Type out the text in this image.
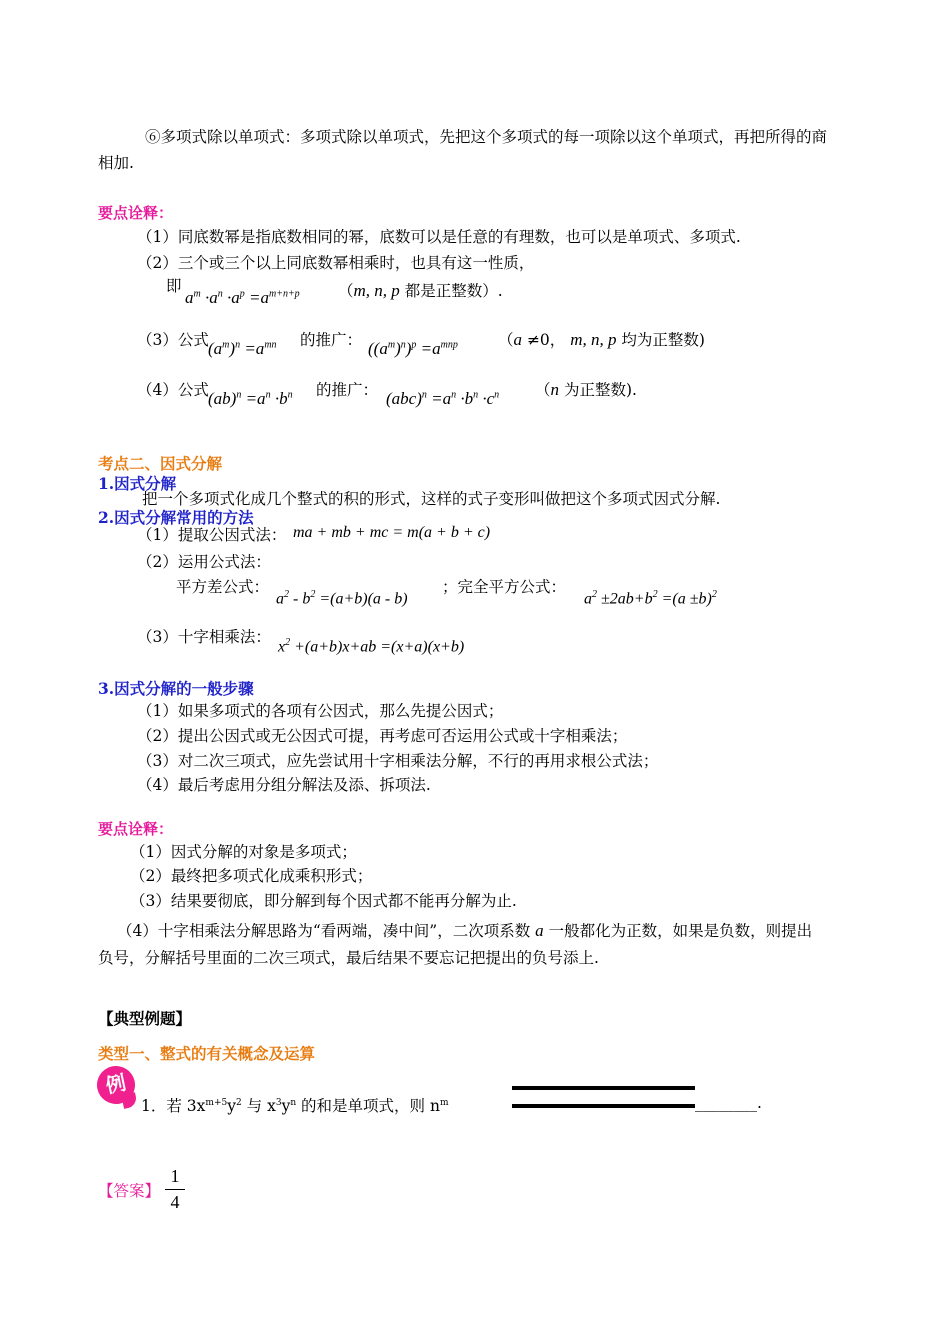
⑥多项式除以单项式：多项式除以单项式，先把这个多项式的每一项除以这个单项式，再把所得的商
相加.
要点诠释：
（1）同底数幂是指底数相同的幂，底数可以是任意的有理数，也可以是单项式、多项式.
（2）三个或三个以上同底数幂相乘时，也具有这一性质，
即
$a^m \cdot a^n \cdot a^p =a^{m+n+p}$ （m, n, p 都是正整数）.
（3）公式 $(a^m)^n =a^{mn}$ 的推广： $((a^m)^n)^p =a^{mnp}$	（a ≠0， m, n, p 均为正整数)
（4）公式 $(ab)^n =a^n \cdot b^n$ 的推广： $(abc)^n =a^n \cdot b^n \cdot c^n$ （n 为正整数).
考点二、因式分解
1.因式分解
把一个多项式化成几个整式的积的形式，这样的式子变形叫做把这个多项式因式分解.
2.因式分解常用的方法
（1）提取公因式法： ma + mb + mc = m(a + b + c)
（2）运用公式法：
平方差公式：
$a^2 - b^2 =(a+b)(a - b)$
；完全平方公式：
$a^2 \pm 2ab+b^2 =(a \pm b)^2$
（3）十字相乘法：
$x^2 +(a+b)x+ab =(x+a)(x+b)$
3.因式分解的一般步骤
（1）如果多项式的各项有公因式，那么先提公因式；
（2）提出公因式或无公因式可提，再考虑可否运用公式或十字相乘法；
（3）对二次三项式，应先尝试用十字相乘法分解，不行的再用求根公式法；
（4）最后考虑用分组分解法及添、拆项法.
要点诠释：
（1）因式分解的对象是多项式；
（2）最终把多项式化成乘积形式；
（3）结果要彻底，即分解到每个因式都不能再分解为止.
（4）十字相乘法分解思路为“看两端，凑中间”，二次项系数 a 一般都化为正数，如果是负数，则提出
负号，分解括号里面的二次三项式，最后结果不要忘记把提出的负号添上.
【典型例题】
类型一、整式的有关概念及运算
例
1．若 $3x^{m+5}y^2$ 与 $x^3y^n$ 的和是单项式，则 $n^m$	________.
【答案】
1
4
